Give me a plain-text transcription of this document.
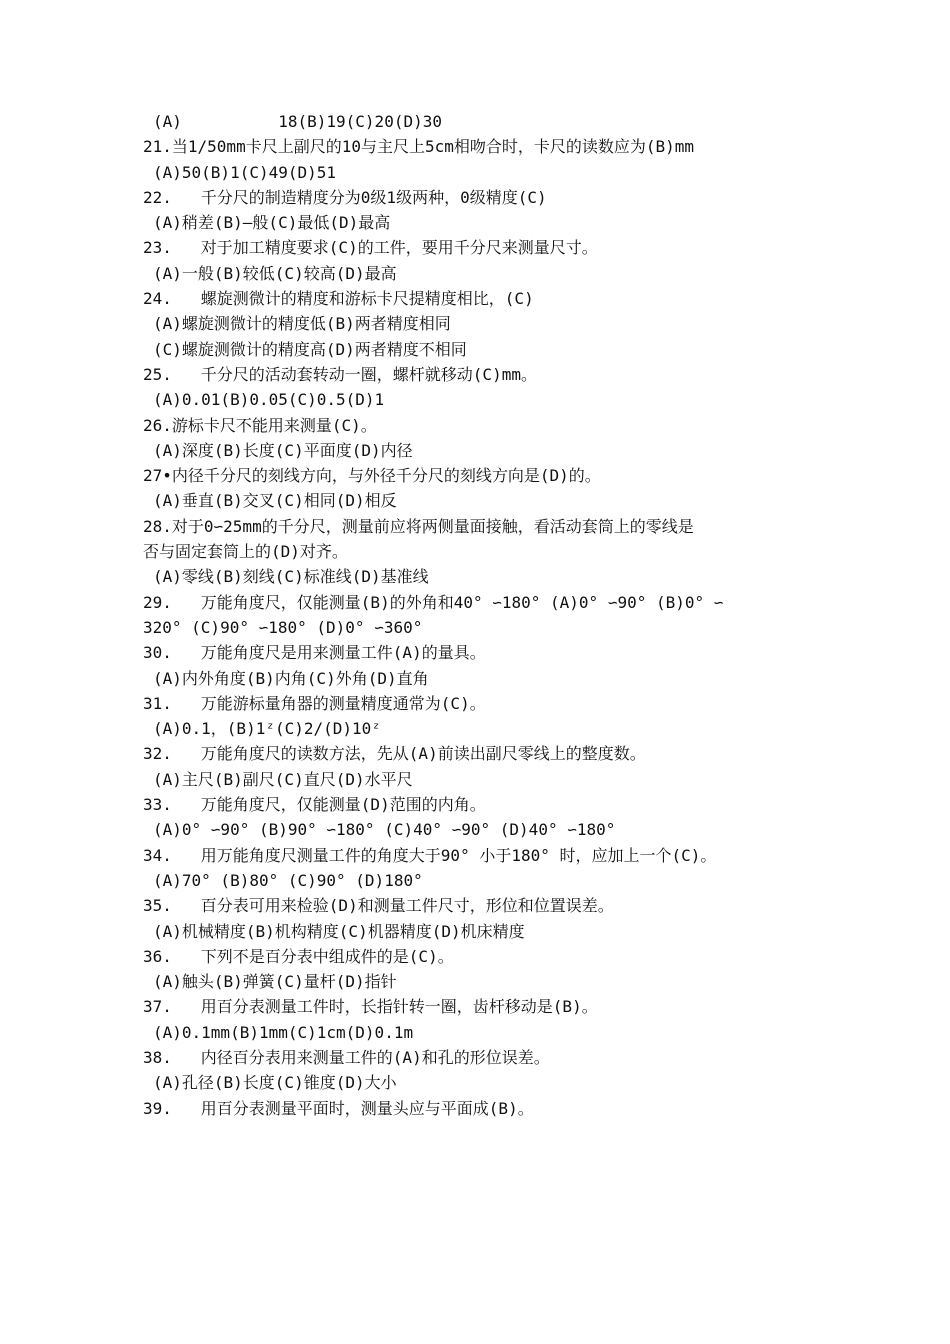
(A)          18(B)19(C)20(D)30
21.当1/50mm卡尺上副尺的10与主尺上5cm相吻合时，卡尺的读数应为(B)mm
(A)50(B)1(C)49(D)51
22.   千分尺的制造精度分为0级1级两种，0级精度(C)
(A)稍差(B)—般(C)最低(D)最高
23.   对于加工精度要求(C)的工件，要用千分尺来测量尺寸。
(A)一般(B)较低(C)较高(D)最高
24.   螺旋测微计的精度和游标卡尺提精度相比，(C)
(A)螺旋测微计的精度低(B)两者精度相同
(C)螺旋测微计的精度高(D)两者精度不相同
25.   千分尺的活动套转动一圈，螺杆就移动(C)mm。
(A)0.01(B)0.05(C)0.5(D)1
26.游标卡尺不能用来测量(C)。
(A)深度(B)长度(C)平面度(D)内径
27•内径千分尺的刻线方向，与外径千分尺的刻线方向是(D)的。
(A)垂直(B)交叉(C)相同(D)相反
28.对于0∽25mm的千分尺，测量前应将两侧量面接触，看活动套筒上的零线是
否与固定套筒上的(D)对齐。
(A)零线(B)刻线(C)标准线(D)基准线
29.   万能角度尺，仅能测量(B)的外角和40° ∽180° (A)0° ∽90° (B)0° ∽
320° (C)90° ∽180° (D)0° ∽360°
30.   万能角度尺是用来测量工件(A)的量具。
(A)内外角度(B)内角(C)外角(D)直角
31.   万能游标量角器的测量精度通常为(C)。
(A)0.1，(B)1ᶻ(C)2/(D)10ᶻ
32.   万能角度尺的读数方法，先从(A)前读出副尺零线上的整度数。
(A)主尺(B)副尺(C)直尺(D)水平尺
33.   万能角度尺，仅能测量(D)范围的内角。
(A)0° ∽90° (B)90° ∽180° (C)40° ∽90° (D)40° ∽180°
34.   用万能角度尺测量工件的角度大于90° 小于180° 时，应加上一个(C)。
(A)70° (B)80° (C)90° (D)180°
35.   百分表可用来检验(D)和测量工件尺寸，形位和位置误差。
(A)机械精度(B)机构精度(C)机器精度(D)机床精度
36.   下列不是百分表中组成件的是(C)。
(A)触头(B)弹簧(C)量杆(D)指针
37.   用百分表测量工件时，长指针转一圈，齿杆移动是(B)。
(A)0.1mm(B)1mm(C)1cm(D)0.1m
38.   内径百分表用来测量工件的(A)和孔的形位误差。
(A)孔径(B)长度(C)锥度(D)大小
39.   用百分表测量平面时，测量头应与平面成(B)。
